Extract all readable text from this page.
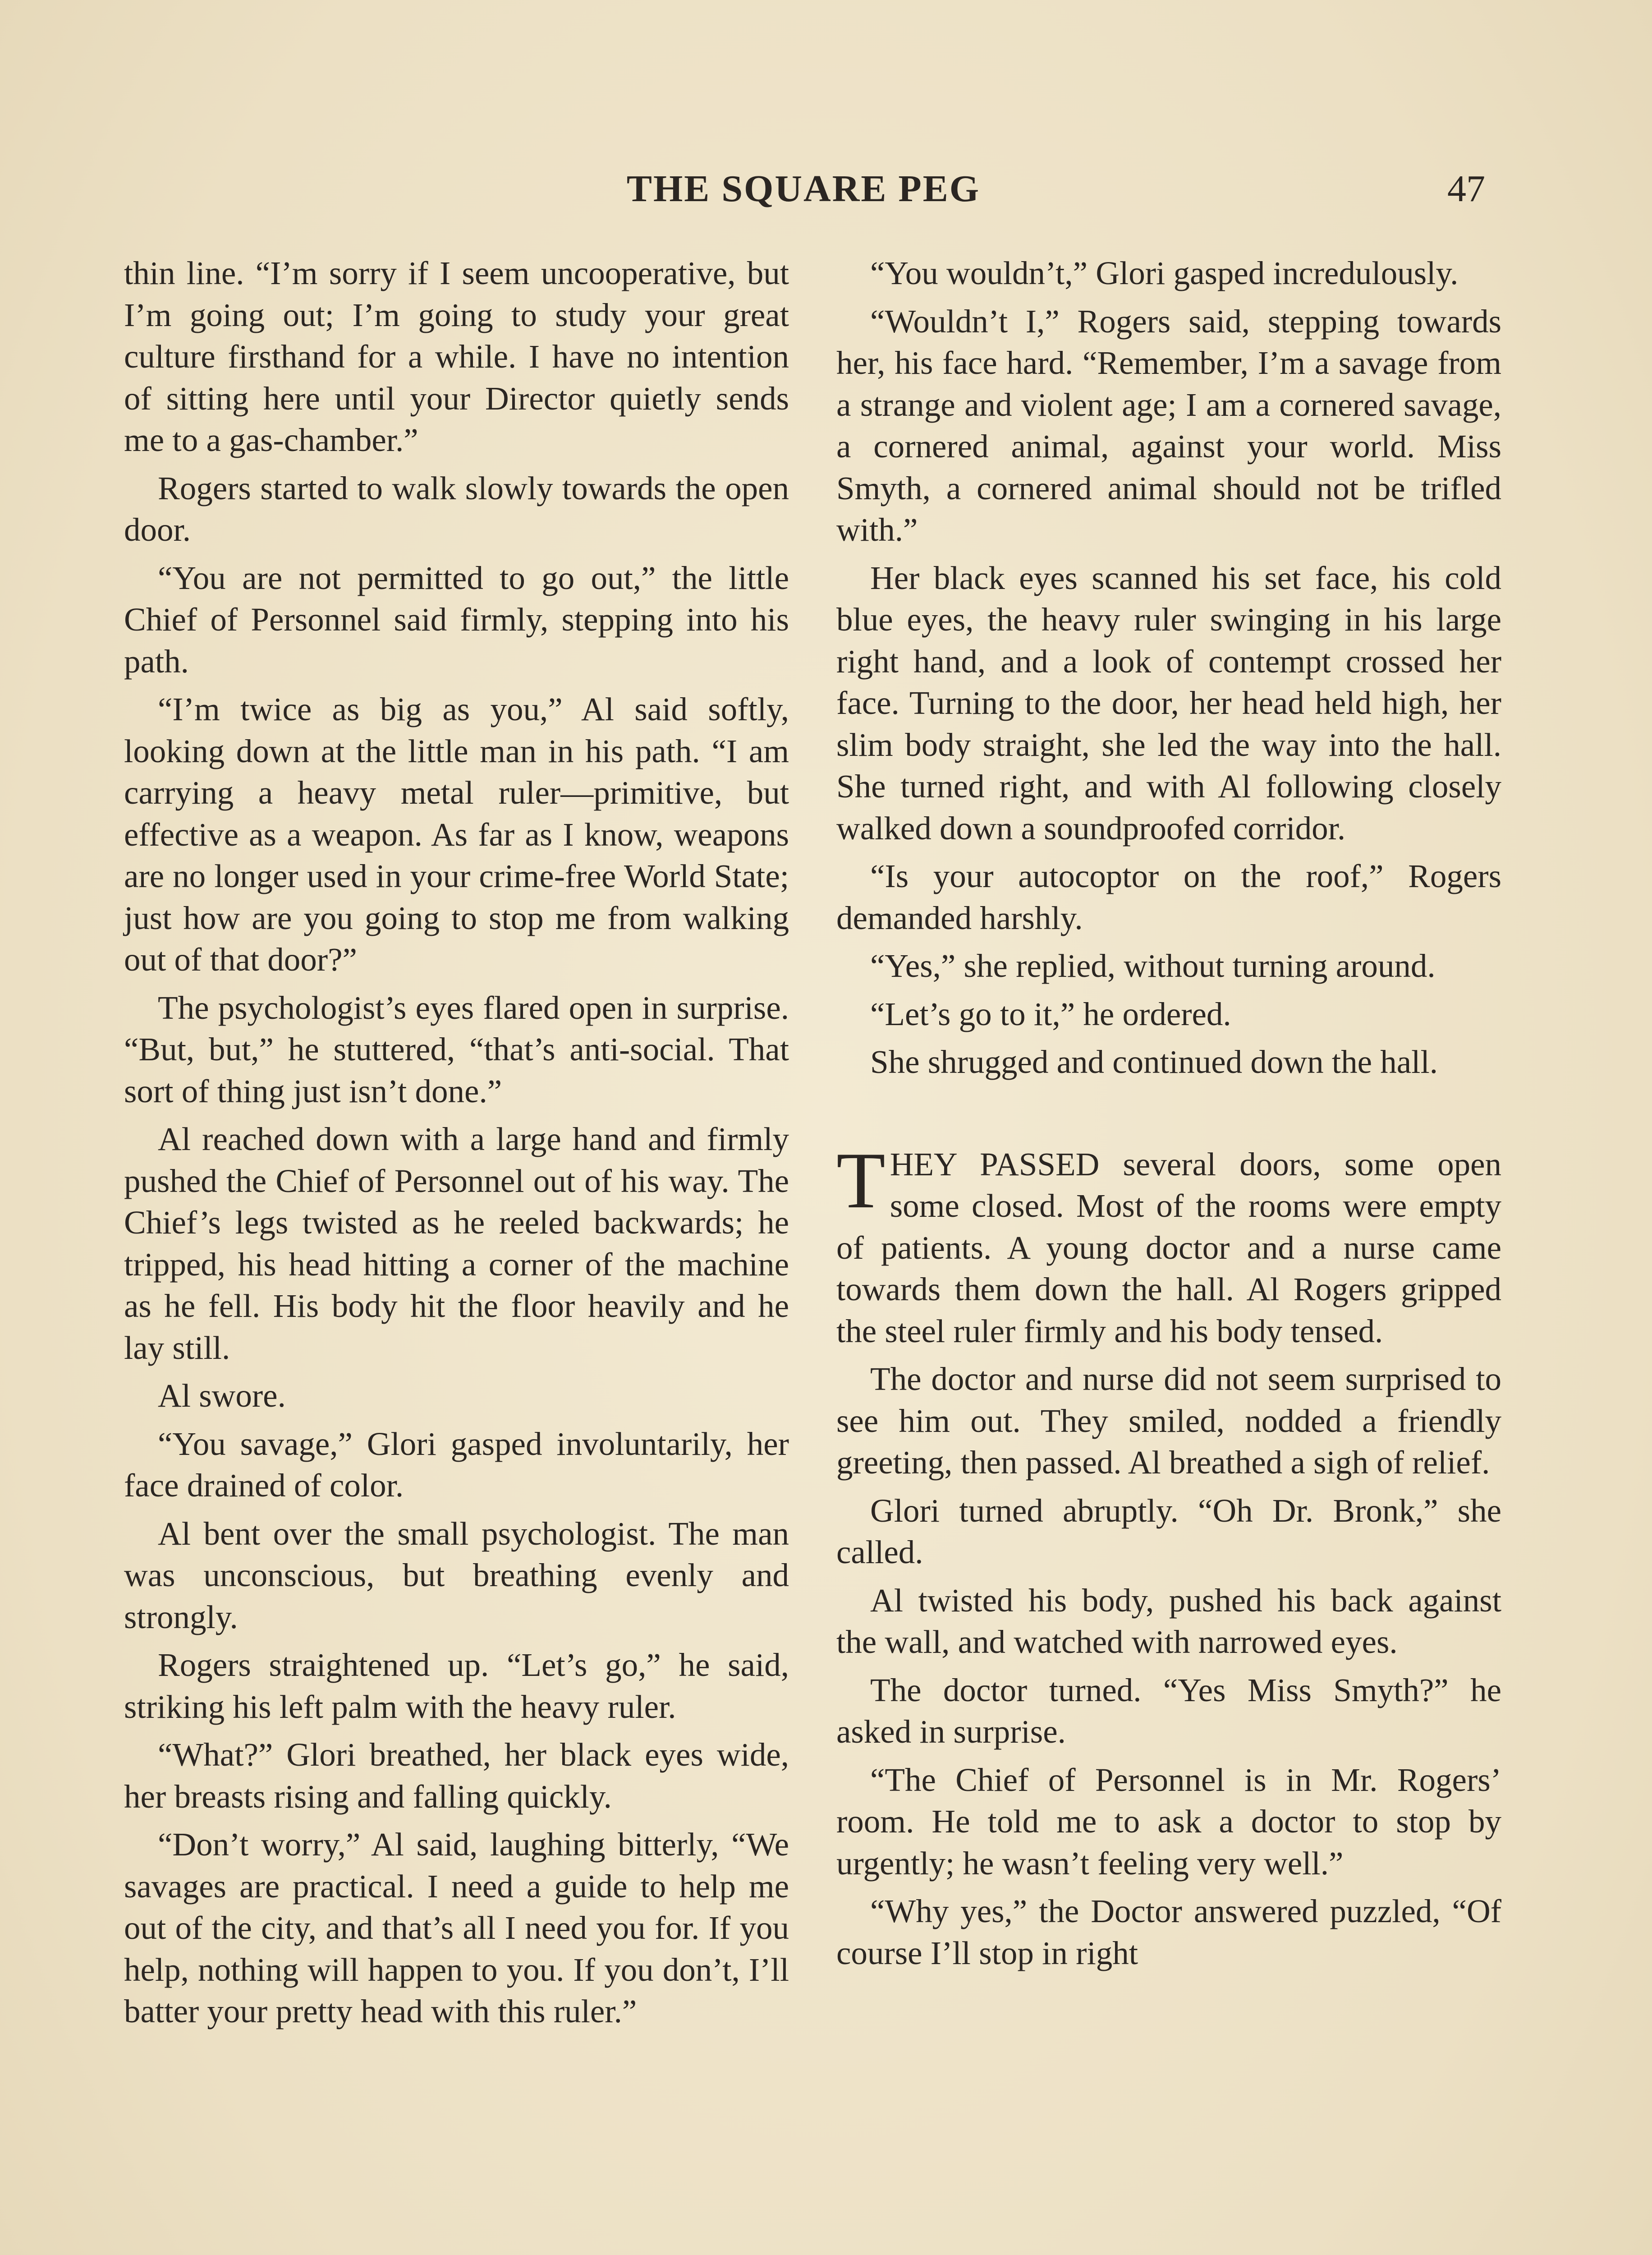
THE SQUARE PEG	47

thin line. “I’m sorry if I seem uncooperative, but I’m going out; I’m going to study your great culture firsthand for a while. I have no intention of sitting here until your Director quietly sends me to a gas-chamber.”

Rogers started to walk slowly towards the open door.

“You are not permitted to go out,” the little Chief of Personnel said firmly, stepping into his path.

“I’m twice as big as you,” Al said softly, looking down at the little man in his path. “I am carrying a heavy metal ruler—primitive, but effective as a weapon. As far as I know, weapons are no longer used in your crime-free World State; just how are you going to stop me from walking out of that door?”

The psychologist’s eyes flared open in surprise. “But, but,” he stuttered, “that’s anti-social. That sort of thing just isn’t done.”

Al reached down with a large hand and firmly pushed the Chief of Personnel out of his way. The Chief’s legs twisted as he reeled backwards; he tripped, his head hitting a corner of the machine as he fell. His body hit the floor heavily and he lay still.

Al swore.

“You savage,” Glori gasped involuntarily, her face drained of color.

Al bent over the small psychologist. The man was unconscious, but breathing evenly and strongly.

Rogers straightened up. “Let’s go,” he said, striking his left palm with the heavy ruler.

“What?” Glori breathed, her black eyes wide, her breasts rising and falling quickly.

“Don’t worry,” Al said, laughing bitterly, “We savages are practical. I need a guide to help me out of the city, and that’s all I need you for. If you help, nothing will happen to you. If you don’t, I’ll batter your pretty head with this ruler.”

“You wouldn’t,” Glori gasped incredulously.

“Wouldn’t I,” Rogers said, stepping towards her, his face hard. “Remember, I’m a savage from a strange and violent age; I am a cornered savage, a cornered animal, against your world. Miss Smyth, a cornered animal should not be trifled with.”

Her black eyes scanned his set face, his cold blue eyes, the heavy ruler swinging in his large right hand, and a look of contempt crossed her face. Turning to the door, her head held high, her slim body straight, she led the way into the hall. She turned right, and with Al following closely walked down a soundproofed corridor.

“Is your autocoptor on the roof,” Rogers demanded harshly.

“Yes,” she replied, without turning around.

“Let’s go to it,” he ordered.

She shrugged and continued down the hall.

THEY PASSED several doors, some open some closed. Most of the rooms were empty of patients. A young doctor and a nurse came towards them down the hall. Al Rogers gripped the steel ruler firmly and his body tensed.

The doctor and nurse did not seem surprised to see him out. They smiled, nodded a friendly greeting, then passed. Al breathed a sigh of relief.

Glori turned abruptly. “Oh Dr. Bronk,” she called.

Al twisted his body, pushed his back against the wall, and watched with narrowed eyes.

The doctor turned. “Yes Miss Smyth?” he asked in surprise.

“The Chief of Personnel is in Mr. Rogers’ room. He told me to ask a doctor to stop by urgently; he wasn’t feeling very well.”

“Why yes,” the Doctor answered puzzled, “Of course I’ll stop in right
